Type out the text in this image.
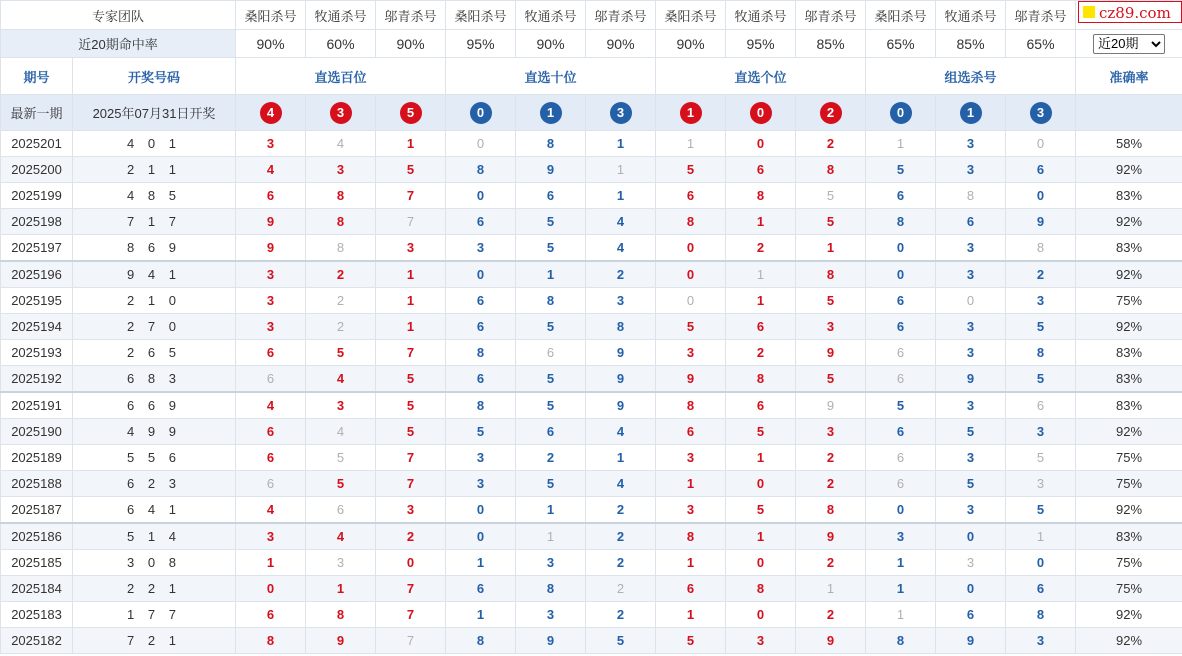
cz89.com
专家团队		桑阳杀号	牧通杀号	邬青杀号	桑阳杀号	牧通杀号	邬青杀号	桑阳杀号	牧通杀号	邬青杀号	桑阳杀号	牧通杀号	邬青杀号	
近20期命中率		90%	60%	90%	95%	90%	90%	90%	95%	85%	65%	85%	65%	
近20期
期号	开奖号码	直选百位			直选十位			直选个位			组选杀号			准确率
最新一期	2025年07月31日开奖	4	3	5	0	1	3	1	0	2	0	1	3	
2025201	4 0 1	3	4	1	0	8	1	1	0	2	1	3	0	58%
2025200	2 1 1	4	3	5	8	9	1	5	6	8	5	3	6	92%
2025199	4 8 5	6	8	7	0	6	1	6	8	5	6	8	0	83%
2025198	7 1 7	9	8	7	6	5	4	8	1	5	8	6	9	92%
2025197	8 6 9	9	8	3	3	5	4	0	2	1	0	3	8	83%
2025196	9 4 1	3	2	1	0	1	2	0	1	8	0	3	2	92%
2025195	2 1 0	3	2	1	6	8	3	0	1	5	6	0	3	75%
2025194	2 7 0	3	2	1	6	5	8	5	6	3	6	3	5	92%
2025193	2 6 5	6	5	7	8	6	9	3	2	9	6	3	8	83%
2025192	6 8 3	6	4	5	6	5	9	9	8	5	6	9	5	83%
2025191	6 6 9	4	3	5	8	5	9	8	6	9	5	3	6	83%
2025190	4 9 9	6	4	5	5	6	4	6	5	3	6	5	3	92%
2025189	5 5 6	6	5	7	3	2	1	3	1	2	6	3	5	75%
2025188	6 2 3	6	5	7	3	5	4	1	0	2	6	5	3	75%
2025187	6 4 1	4	6	3	0	1	2	3	5	8	0	3	5	92%
2025186	5 1 4	3	4	2	0	1	2	8	1	9	3	0	1	83%
2025185	3 0 8	1	3	0	1	3	2	1	0	2	1	3	0	75%
2025184	2 2 1	0	1	7	6	8	2	6	8	1	1	0	6	75%
2025183	1 7 7	6	8	7	1	3	2	1	0	2	1	6	8	92%
2025182	7 2 1	8	9	7	8	9	5	5	3	9	8	9	3	92%
